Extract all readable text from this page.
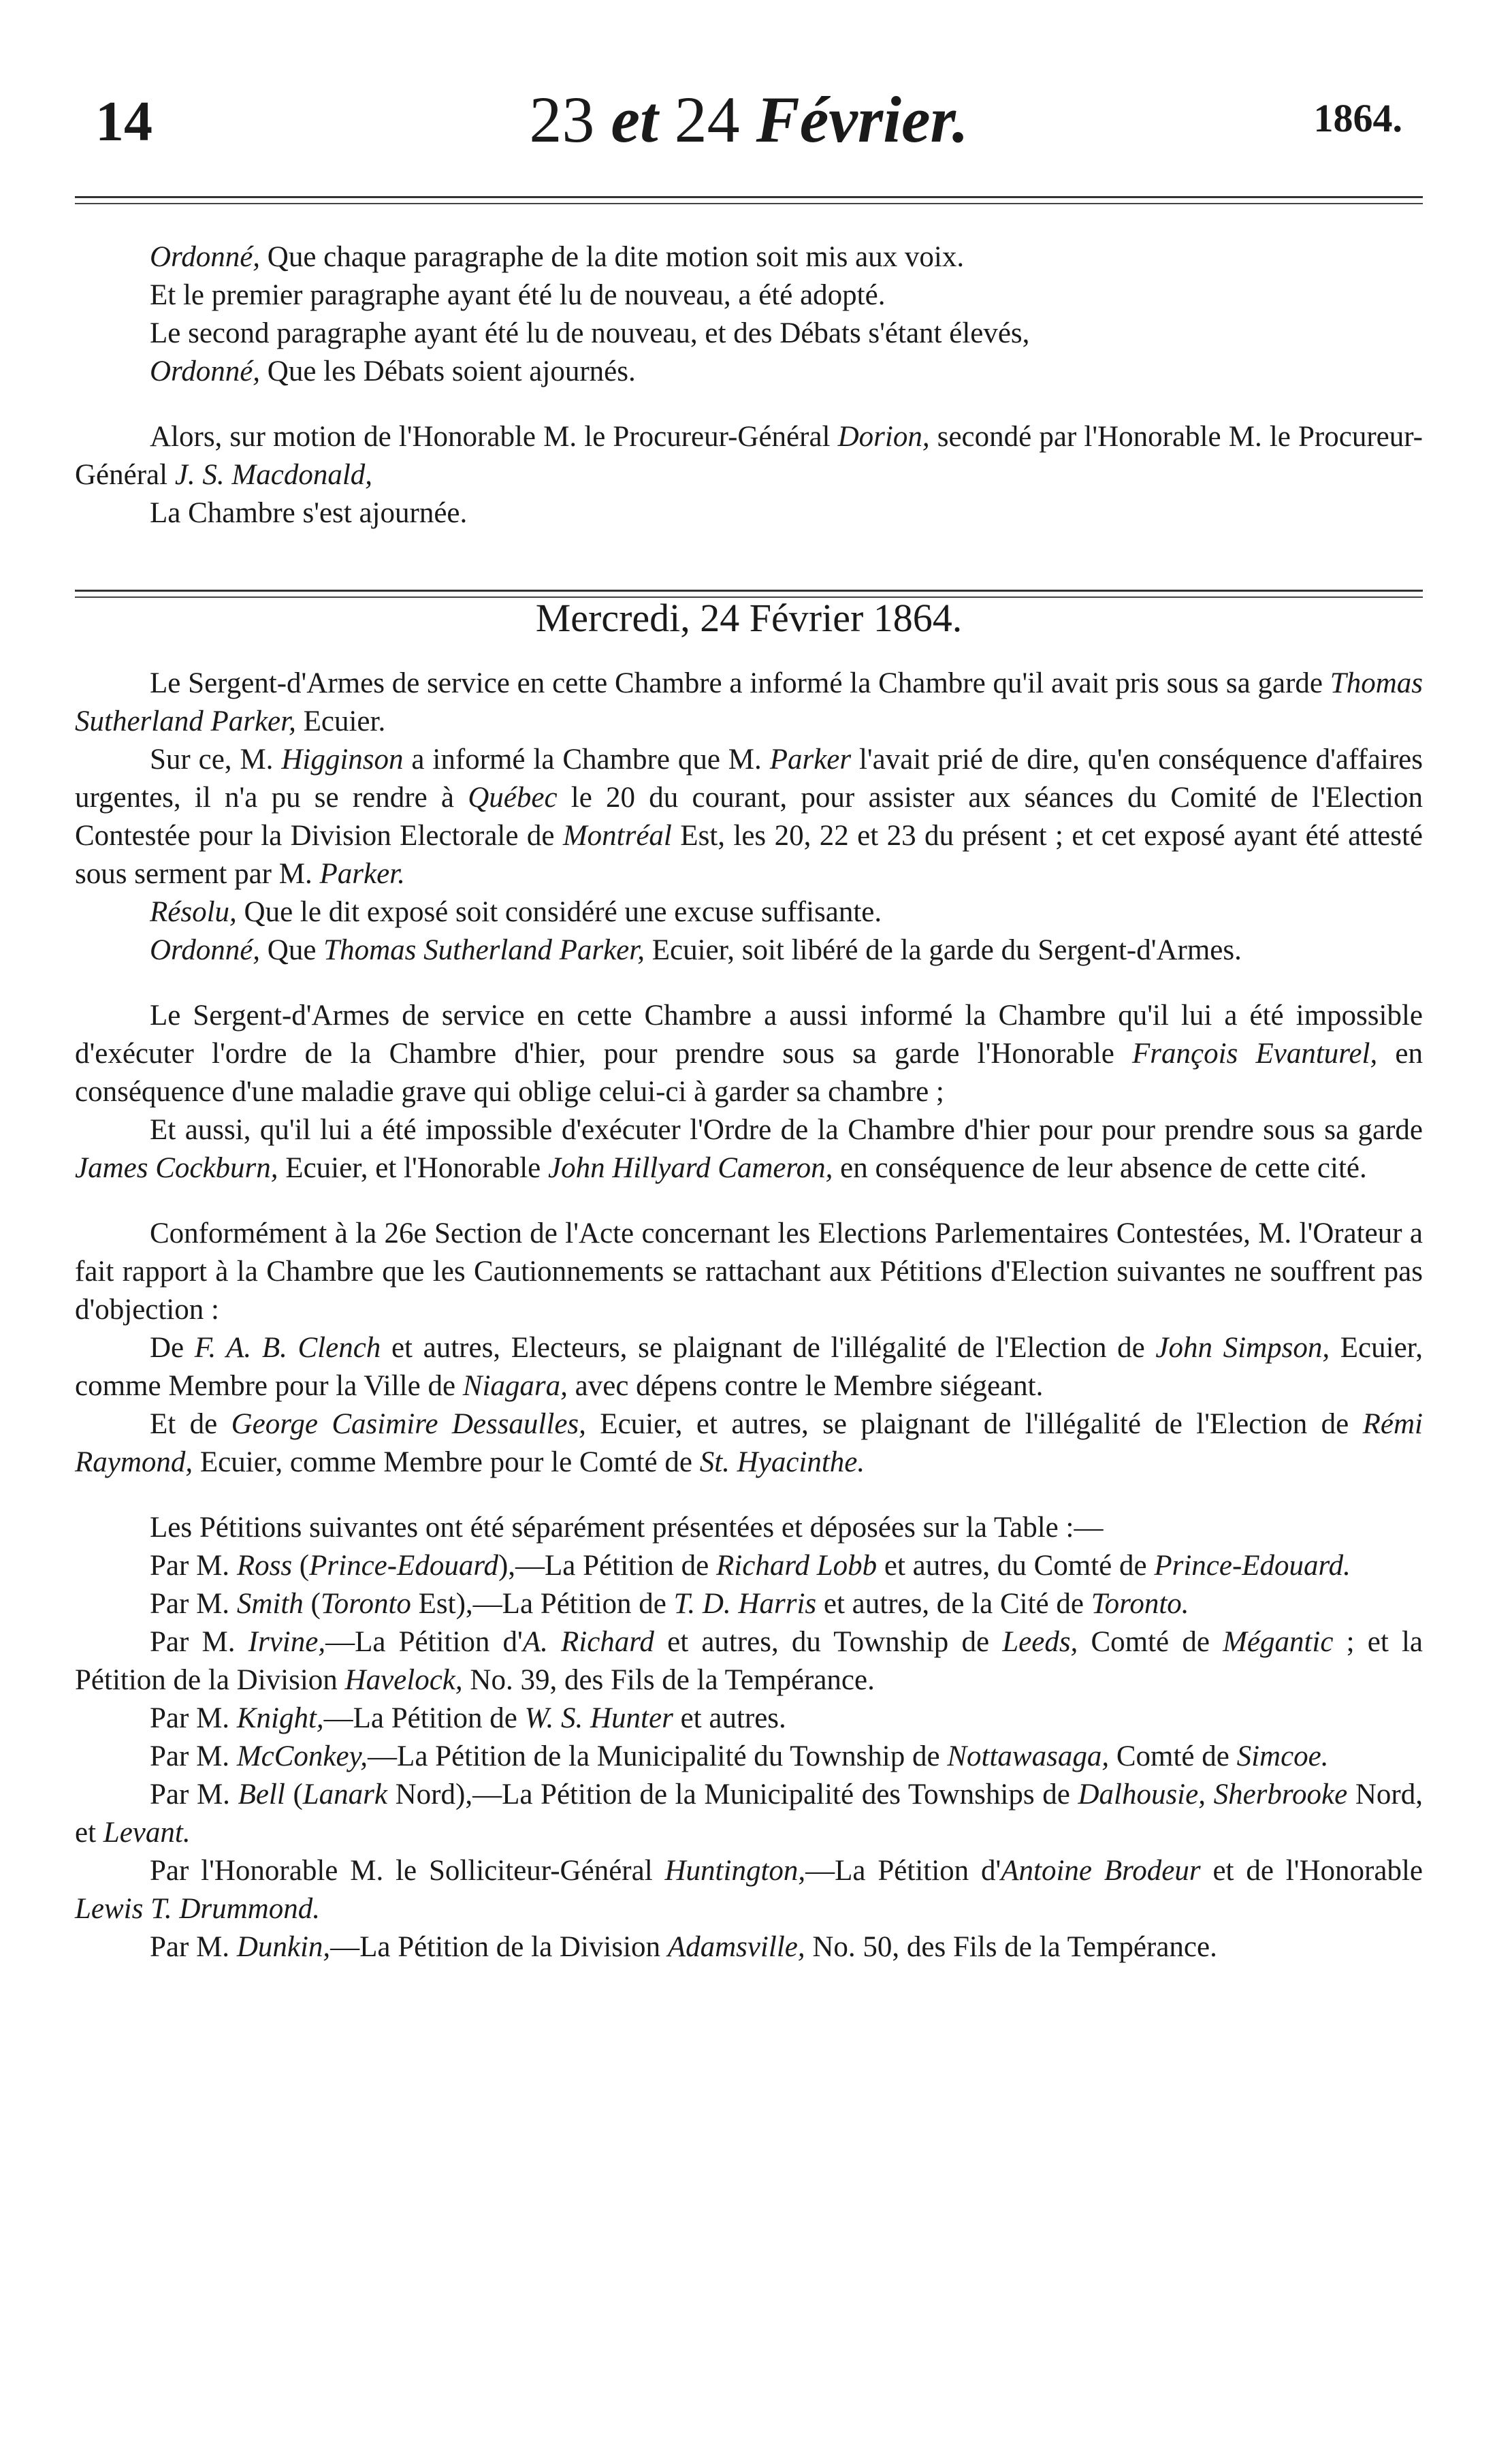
14	23 et 24 Février.	1864.

Ordonné, Que chaque paragraphe de la dite motion soit mis aux voix.

Et le premier paragraphe ayant été lu de nouveau, a été adopté.

Le second paragraphe ayant été lu de nouveau, et des Débats s'étant élevés,

Ordonné, Que les Débats soient ajournés.

Alors, sur motion de l'Honorable M. le Procureur-Général Dorion, secondé par l'Honorable M. le Procureur-Général J. S. Macdonald,

La Chambre s'est ajournée.

Mercredi, 24 Février 1864.

Le Sergent-d'Armes de service en cette Chambre a informé la Chambre qu'il avait pris sous sa garde Thomas Sutherland Parker, Ecuier.

Sur ce, M. Higginson a informé la Chambre que M. Parker l'avait prié de dire, qu'en conséquence d'affaires urgentes, il n'a pu se rendre à Québec le 20 du courant, pour assister aux séances du Comité de l'Election Contestée pour la Division Electorale de Montréal Est, les 20, 22 et 23 du présent ; et cet exposé ayant été attesté sous serment par M. Parker.

Résolu, Que le dit exposé soit considéré une excuse suffisante.

Ordonné, Que Thomas Sutherland Parker, Ecuier, soit libéré de la garde du Sergent-d'Armes.

Le Sergent-d'Armes de service en cette Chambre a aussi informé la Chambre qu'il lui a été impossible d'exécuter l'ordre de la Chambre d'hier, pour prendre sous sa garde l'Honorable François Evanturel, en conséquence d'une maladie grave qui oblige celui-ci à garder sa chambre ;

Et aussi, qu'il lui a été impossible d'exécuter l'Ordre de la Chambre d'hier pour pour prendre sous sa garde James Cockburn, Ecuier, et l'Honorable John Hillyard Cameron, en conséquence de leur absence de cette cité.

Conformément à la 26e Section de l'Acte concernant les Elections Parlementaires Contestées, M. l'Orateur a fait rapport à la Chambre que les Cautionnements se rattachant aux Pétitions d'Election suivantes ne souffrent pas d'objection :

De F. A. B. Clench et autres, Electeurs, se plaignant de l'illégalité de l'Election de John Simpson, Ecuier, comme Membre pour la Ville de Niagara, avec dépens contre le Membre siégeant.

Et de George Casimire Dessaulles, Ecuier, et autres, se plaignant de l'illégalité de l'Election de Rémi Raymond, Ecuier, comme Membre pour le Comté de St. Hyacinthe.

Les Pétitions suivantes ont été séparément présentées et déposées sur la Table :—

Par M. Ross (Prince-Edouard),—La Pétition de Richard Lobb et autres, du Comté de Prince-Edouard.

Par M. Smith (Toronto Est),—La Pétition de T. D. Harris et autres, de la Cité de Toronto.

Par M. Irvine,—La Pétition d'A. Richard et autres, du Township de Leeds, Comté de Mégantic ; et la Pétition de la Division Havelock, No. 39, des Fils de la Tempérance.

Par M. Knight,—La Pétition de W. S. Hunter et autres.

Par M. McConkey,—La Pétition de la Municipalité du Township de Nottawasaga, Comté de Simcoe.

Par M. Bell (Lanark Nord),—La Pétition de la Municipalité des Townships de Dalhousie, Sherbrooke Nord, et Levant.

Par l'Honorable M. le Solliciteur-Général Huntington,—La Pétition d'Antoine Brodeur et de l'Honorable Lewis T. Drummond.

Par M. Dunkin,—La Pétition de la Division Adamsville, No. 50, des Fils de la Tempérance.
